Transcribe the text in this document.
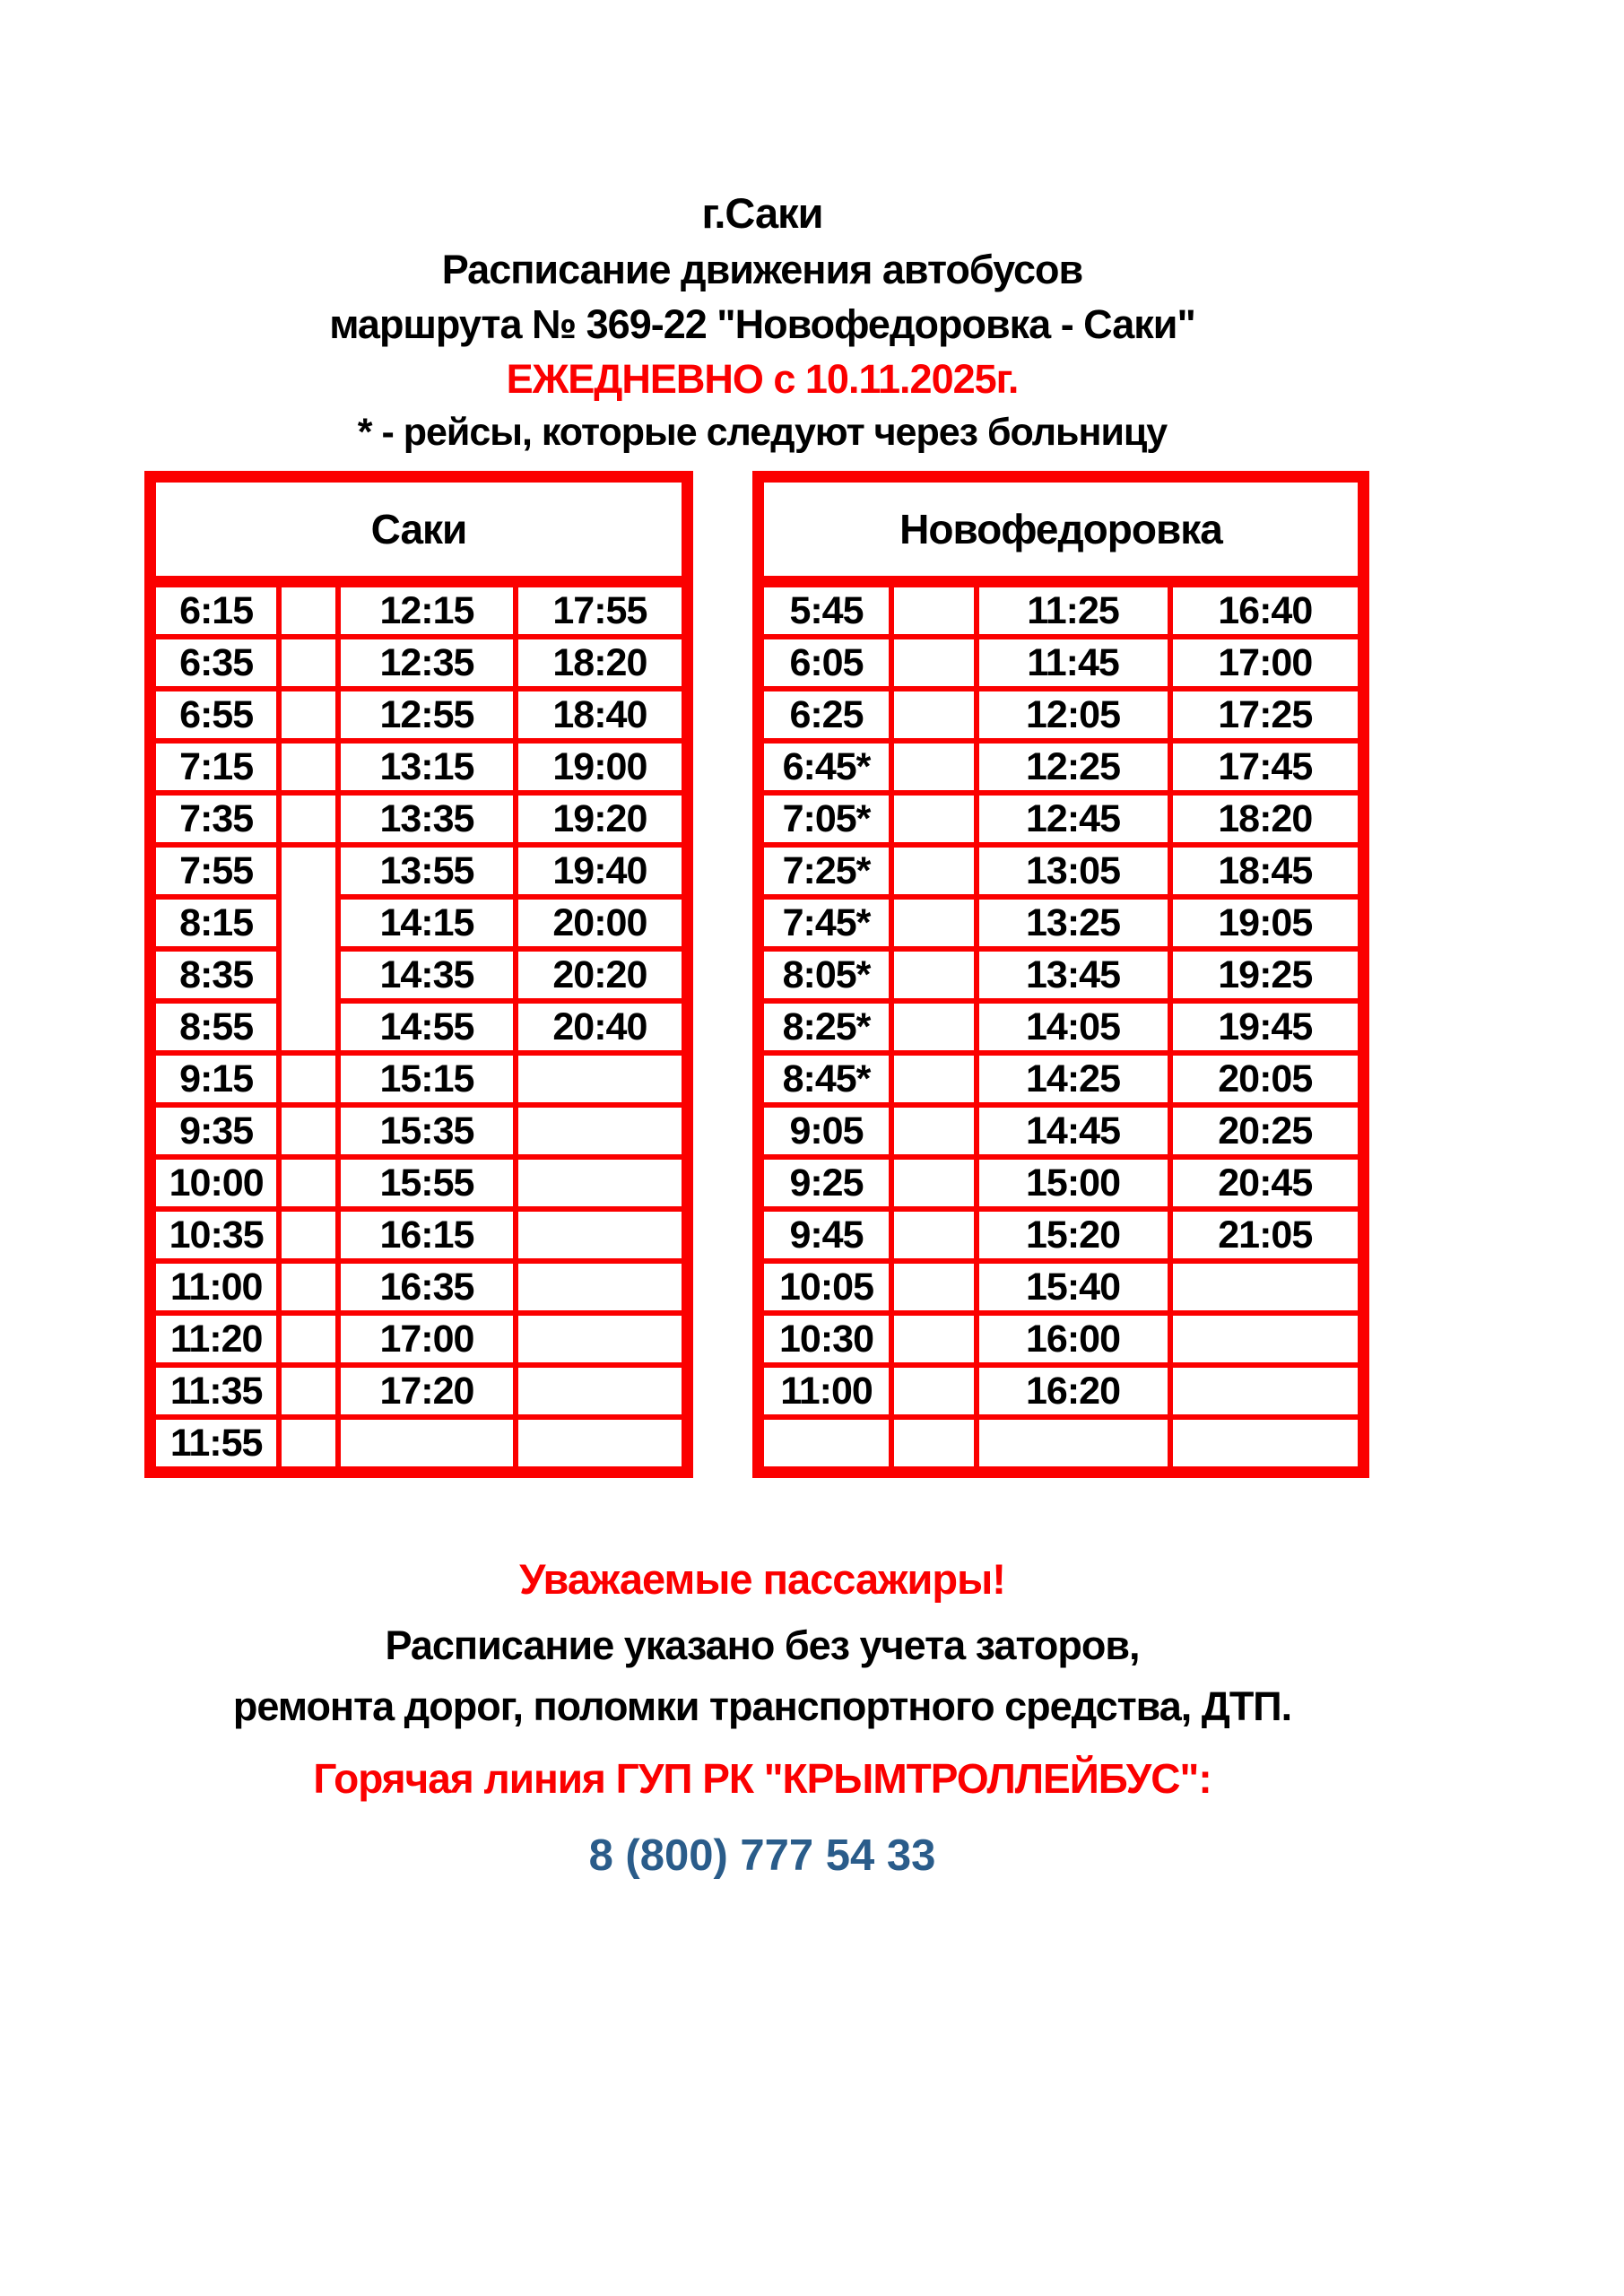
г.Саки
Расписание движения автобусов
маршрута № 369-22 "Новофедоровка - Саки"
ЕЖЕДНЕВНО с 10.11.2025г.
* - рейсы, которые следуют через больницу
Саки			
6:15		12:15	17:55
6:35		12:35	18:20
6:55		12:55	18:40
7:15		13:15	19:00
7:35		13:35	19:20
7:55		13:55	19:40
8:15		14:15	20:00
8:35		14:35	20:20
8:55		14:55	20:40
9:15		15:15	
9:35		15:35	
10:00		15:55	
10:35		16:15	
11:00		16:35	
11:20		17:00	
11:35		17:20	
11:55			
Новофедоровка			
5:45		11:25	16:40
6:05		11:45	17:00
6:25		12:05	17:25
6:45*		12:25	17:45
7:05*		12:45	18:20
7:25*		13:05	18:45
7:45*		13:25	19:05
8:05*		13:45	19:25
8:25*		14:05	19:45
8:45*		14:25	20:05
9:05		14:45	20:25
9:25		15:00	20:45
9:45		15:20	21:05
10:05		15:40	
10:30		16:00	
11:00		16:20	

Уважаемые пассажиры!
Расписание указано без учета заторов,
ремонта дорог, поломки транспортного средства, ДТП.
Горячая линия ГУП РК "КРЫМТРОЛЛЕЙБУС":
8 (800) 777 54 33
